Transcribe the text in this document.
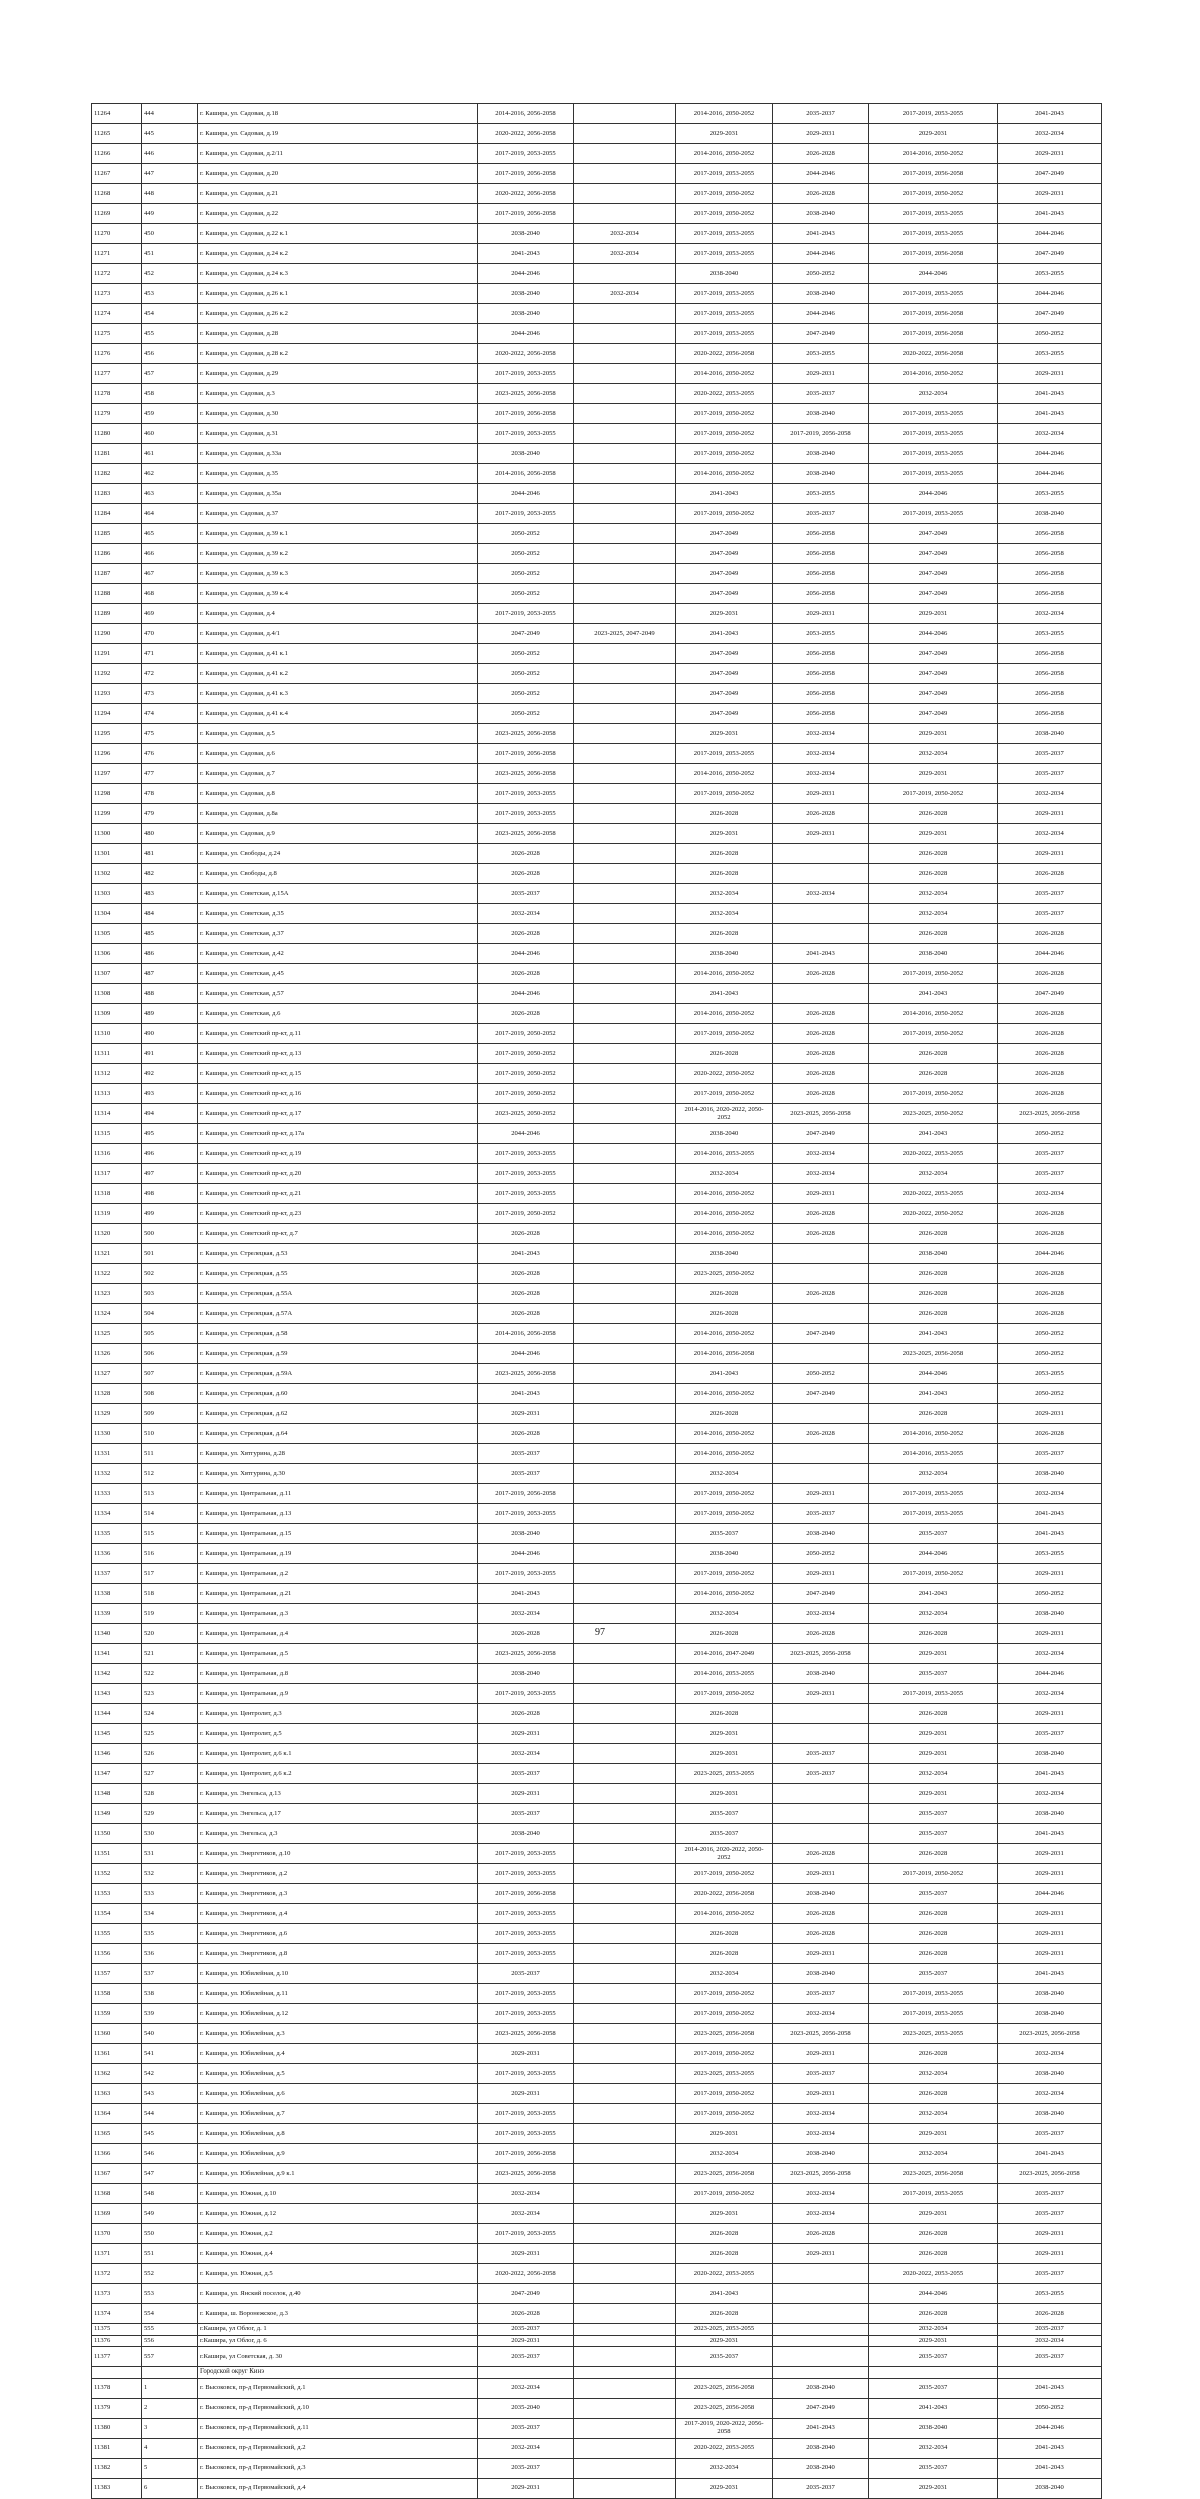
11264	444	г. Кашира, ул. Садовая, д.18	2014-2016, 2056-2058		2014-2016, 2050-2052	2035-2037	2017-2019, 2053-2055	2041-2043
11265	445	г. Кашира, ул. Садовая, д.19	2020-2022, 2056-2058		2029-2031	2029-2031	2029-2031	2032-2034
11266	446	г. Кашира, ул. Садовая, д.2/11	2017-2019, 2053-2055		2014-2016, 2050-2052	2026-2028	2014-2016, 2050-2052	2029-2031
11267	447	г. Кашира, ул. Садовая, д.20	2017-2019, 2056-2058		2017-2019, 2053-2055	2044-2046	2017-2019, 2056-2058	2047-2049
11268	448	г. Кашира, ул. Садовая, д.21	2020-2022, 2056-2058		2017-2019, 2050-2052	2026-2028	2017-2019, 2050-2052	2029-2031
11269	449	г. Кашира, ул. Садовая, д.22	2017-2019, 2056-2058		2017-2019, 2050-2052	2038-2040	2017-2019, 2053-2055	2041-2043
11270	450	г. Кашира, ул. Садовая, д.22 к.1	2038-2040	2032-2034	2017-2019, 2053-2055	2041-2043	2017-2019, 2053-2055	2044-2046
11271	451	г. Кашира, ул. Садовая, д.24 к.2	2041-2043	2032-2034	2017-2019, 2053-2055	2044-2046	2017-2019, 2056-2058	2047-2049
11272	452	г. Кашира, ул. Садовая, д.24 к.3	2044-2046		2038-2040	2050-2052	2044-2046	2053-2055
11273	453	г. Кашира, ул. Садовая, д.26 к.1	2038-2040	2032-2034	2017-2019, 2053-2055	2038-2040	2017-2019, 2053-2055	2044-2046
11274	454	г. Кашира, ул. Садовая, д.26 к.2	2038-2040		2017-2019, 2053-2055	2044-2046	2017-2019, 2056-2058	2047-2049
11275	455	г. Кашира, ул. Садовая, д.28	2044-2046		2017-2019, 2053-2055	2047-2049	2017-2019, 2056-2058	2050-2052
11276	456	г. Кашира, ул. Садовая, д.28 к.2	2020-2022, 2056-2058		2020-2022, 2056-2058	2053-2055	2020-2022, 2056-2058	2053-2055
11277	457	г. Кашира, ул. Садовая, д.29	2017-2019, 2053-2055		2014-2016, 2050-2052	2029-2031	2014-2016, 2050-2052	2029-2031
11278	458	г. Кашира, ул. Садовая, д.3	2023-2025, 2056-2058		2020-2022, 2053-2055	2035-2037	2032-2034	2041-2043
11279	459	г. Кашира, ул. Садовая, д.30	2017-2019, 2056-2058		2017-2019, 2050-2052	2038-2040	2017-2019, 2053-2055	2041-2043
11280	460	г. Кашира, ул. Садовая, д.31	2017-2019, 2053-2055		2017-2019, 2050-2052	2017-2019, 2056-2058	2017-2019, 2053-2055	2032-2034
11281	461	г. Кашира, ул. Садовая, д.33а	2038-2040		2017-2019, 2050-2052	2038-2040	2017-2019, 2053-2055	2044-2046
11282	462	г. Кашира, ул. Садовая, д.35	2014-2016, 2056-2058		2014-2016, 2050-2052	2038-2040	2017-2019, 2053-2055	2044-2046
11283	463	г. Кашира, ул. Садовая, д.35а	2044-2046		2041-2043	2053-2055	2044-2046	2053-2055
11284	464	г. Кашира, ул. Садовая, д.37	2017-2019, 2053-2055		2017-2019, 2050-2052	2035-2037	2017-2019, 2053-2055	2038-2040
11285	465	г. Кашира, ул. Садовая, д.39 к.1	2050-2052		2047-2049	2056-2058	2047-2049	2056-2058
11286	466	г. Кашира, ул. Садовая, д.39 к.2	2050-2052		2047-2049	2056-2058	2047-2049	2056-2058
11287	467	г. Кашира, ул. Садовая, д.39 к.3	2050-2052		2047-2049	2056-2058	2047-2049	2056-2058
11288	468	г. Кашира, ул. Садовая, д.39 к.4	2050-2052		2047-2049	2056-2058	2047-2049	2056-2058
11289	469	г. Кашира, ул. Садовая, д.4	2017-2019, 2053-2055		2029-2031	2029-2031	2029-2031	2032-2034
11290	470	г. Кашира, ул. Садовая, д.4/1	2047-2049	2023-2025, 2047-2049	2041-2043	2053-2055	2044-2046	2053-2055
11291	471	г. Кашира, ул. Садовая, д.41 к.1	2050-2052		2047-2049	2056-2058	2047-2049	2056-2058
11292	472	г. Кашира, ул. Садовая, д.41 к.2	2050-2052		2047-2049	2056-2058	2047-2049	2056-2058
11293	473	г. Кашира, ул. Садовая, д.41 к.3	2050-2052		2047-2049	2056-2058	2047-2049	2056-2058
11294	474	г. Кашира, ул. Садовая, д.41 к.4	2050-2052		2047-2049	2056-2058	2047-2049	2056-2058
11295	475	г. Кашира, ул. Садовая, д.5	2023-2025, 2056-2058		2029-2031	2032-2034	2029-2031	2038-2040
11296	476	г. Кашира, ул. Садовая, д.6	2017-2019, 2056-2058		2017-2019, 2053-2055	2032-2034	2032-2034	2035-2037
11297	477	г. Кашира, ул. Садовая, д.7	2023-2025, 2056-2058		2014-2016, 2050-2052	2032-2034	2029-2031	2035-2037
11298	478	г. Кашира, ул. Садовая, д.8	2017-2019, 2053-2055		2017-2019, 2050-2052	2029-2031	2017-2019, 2050-2052	2032-2034
11299	479	г. Кашира, ул. Садовая, д.8а	2017-2019, 2053-2055		2026-2028	2026-2028	2026-2028	2029-2031
11300	480	г. Кашира, ул. Садовая, д.9	2023-2025, 2056-2058		2029-2031	2029-2031	2029-2031	2032-2034
11301	481	г. Кашира, ул. Свободы, д.24	2026-2028		2026-2028		2026-2028	2029-2031
11302	482	г. Кашира, ул. Свободы, д.8	2026-2028		2026-2028		2026-2028	2026-2028
11303	483	г. Кашира, ул. Советская, д.15А	2035-2037		2032-2034	2032-2034	2032-2034	2035-2037
11304	484	г. Кашира, ул. Советская, д.35	2032-2034		2032-2034		2032-2034	2035-2037
11305	485	г. Кашира, ул. Советская, д.37	2026-2028		2026-2028		2026-2028	2026-2028
11306	486	г. Кашира, ул. Советская, д.42	2044-2046		2038-2040	2041-2043	2038-2040	2044-2046
11307	487	г. Кашира, ул. Советская, д.45	2026-2028		2014-2016, 2050-2052	2026-2028	2017-2019, 2050-2052	2026-2028
11308	488	г. Кашира, ул. Советская, д.57	2044-2046		2041-2043		2041-2043	2047-2049
11309	489	г. Кашира, ул. Советская, д.6	2026-2028		2014-2016, 2050-2052	2026-2028	2014-2016, 2050-2052	2026-2028
11310	490	г. Кашира, ул. Советский пр-кт, д.11	2017-2019, 2050-2052		2017-2019, 2050-2052	2026-2028	2017-2019, 2050-2052	2026-2028
11311	491	г. Кашира, ул. Советский пр-кт, д.13	2017-2019, 2050-2052		2026-2028	2026-2028	2026-2028	2026-2028
11312	492	г. Кашира, ул. Советский пр-кт, д.15	2017-2019, 2050-2052		2020-2022, 2050-2052	2026-2028	2026-2028	2026-2028
11313	493	г. Кашира, ул. Советский пр-кт, д.16	2017-2019, 2050-2052		2017-2019, 2050-2052	2026-2028	2017-2019, 2050-2052	2026-2028
11314	494	г. Кашира, ул. Советский пр-кт, д.17	2023-2025, 2050-2052		2014-2016, 2020-2022, 2050-2052	2023-2025, 2056-2058	2023-2025, 2050-2052	2023-2025, 2056-2058
11315	495	г. Кашира, ул. Советский пр-кт, д.17а	2044-2046		2038-2040	2047-2049	2041-2043	2050-2052
11316	496	г. Кашира, ул. Советский пр-кт, д.19	2017-2019, 2053-2055		2014-2016, 2053-2055	2032-2034	2020-2022, 2053-2055	2035-2037
11317	497	г. Кашира, ул. Советский пр-кт, д.20	2017-2019, 2053-2055		2032-2034	2032-2034	2032-2034	2035-2037
11318	498	г. Кашира, ул. Советский пр-кт, д.21	2017-2019, 2053-2055		2014-2016, 2050-2052	2029-2031	2020-2022, 2053-2055	2032-2034
11319	499	г. Кашира, ул. Советский пр-кт, д.23	2017-2019, 2050-2052		2014-2016, 2050-2052	2026-2028	2020-2022, 2050-2052	2026-2028
11320	500	г. Кашира, ул. Советский пр-кт, д.7	2026-2028		2014-2016, 2050-2052	2026-2028	2026-2028	2026-2028
11321	501	г. Кашира, ул. Стрелецкая, д.53	2041-2043		2038-2040		2038-2040	2044-2046
11322	502	г. Кашира, ул. Стрелецкая, д.55	2026-2028		2023-2025, 2050-2052		2026-2028	2026-2028
11323	503	г. Кашира, ул. Стрелецкая, д.55А	2026-2028		2026-2028	2026-2028	2026-2028	2026-2028
11324	504	г. Кашира, ул. Стрелецкая, д.57А	2026-2028		2026-2028		2026-2028	2026-2028
11325	505	г. Кашира, ул. Стрелецкая, д.58	2014-2016, 2056-2058		2014-2016, 2050-2052	2047-2049	2041-2043	2050-2052
11326	506	г. Кашира, ул. Стрелецкая, д.59	2044-2046		2014-2016, 2056-2058		2023-2025, 2056-2058	2050-2052
11327	507	г. Кашира, ул. Стрелецкая, д.59А	2023-2025, 2056-2058		2041-2043	2050-2052	2044-2046	2053-2055
11328	508	г. Кашира, ул. Стрелецкая, д.60	2041-2043		2014-2016, 2050-2052	2047-2049	2041-2043	2050-2052
11329	509	г. Кашира, ул. Стрелецкая, д.62	2029-2031		2026-2028		2026-2028	2029-2031
11330	510	г. Кашира, ул. Стрелецкая, д.64	2026-2028		2014-2016, 2050-2052	2026-2028	2014-2016, 2050-2052	2026-2028
11331	511	г. Кашира, ул. Хвтгурина, д.28	2035-2037		2014-2016, 2050-2052		2014-2016, 2053-2055	2035-2037
11332	512	г. Кашира, ул. Хвтгурина, д.30	2035-2037		2032-2034		2032-2034	2038-2040
11333	513	г. Кашира, ул. Центральная, д.11	2017-2019, 2056-2058		2017-2019, 2050-2052	2029-2031	2017-2019, 2053-2055	2032-2034
11334	514	г. Кашира, ул. Центральная, д.13	2017-2019, 2053-2055		2017-2019, 2050-2052	2035-2037	2017-2019, 2053-2055	2041-2043
11335	515	г. Кашира, ул. Центральная, д.15	2038-2040		2035-2037	2038-2040	2035-2037	2041-2043
11336	516	г. Кашира, ул. Центральная, д.19	2044-2046		2038-2040	2050-2052	2044-2046	2053-2055
11337	517	г. Кашира, ул. Центральная, д.2	2017-2019, 2053-2055		2017-2019, 2050-2052	2029-2031	2017-2019, 2050-2052	2029-2031
11338	518	г. Кашира, ул. Центральная, д.21	2041-2043		2014-2016, 2050-2052	2047-2049	2041-2043	2050-2052
11339	519	г. Кашира, ул. Центральная, д.3	2032-2034		2032-2034	2032-2034	2032-2034	2038-2040
11340	520	г. Кашира, ул. Центральная, д.4	2026-2028		2026-2028	2026-2028	2026-2028	2029-2031
11341	521	г. Кашира, ул. Центральная, д.5	2023-2025, 2056-2058		2014-2016, 2047-2049	2023-2025, 2056-2058	2029-2031	2032-2034
11342	522	г. Кашира, ул. Центральная, д.8	2038-2040		2014-2016, 2053-2055	2038-2040	2035-2037	2044-2046
11343	523	г. Кашира, ул. Центральная, д.9	2017-2019, 2053-2055		2017-2019, 2050-2052	2029-2031	2017-2019, 2053-2055	2032-2034
11344	524	г. Кашира, ул. Центролит, д.3	2026-2028		2026-2028		2026-2028	2029-2031
11345	525	г. Кашира, ул. Центролит, д.5	2029-2031		2029-2031		2029-2031	2035-2037
11346	526	г. Кашира, ул. Центролит, д.6 к.1	2032-2034		2029-2031	2035-2037	2029-2031	2038-2040
11347	527	г. Кашира, ул. Центролит, д.6 к.2	2035-2037		2023-2025, 2053-2055	2035-2037	2032-2034	2041-2043
11348	528	г. Кашира, ул. Энгельса, д.13	2029-2031		2029-2031		2029-2031	2032-2034
11349	529	г. Кашира, ул. Энгельса, д.17	2035-2037		2035-2037		2035-2037	2038-2040
11350	530	г. Кашира, ул. Энгельса, д.3	2038-2040		2035-2037		2035-2037	2041-2043
11351	531	г. Кашира, ул. Энергетиков, д.10	2017-2019, 2053-2055		2014-2016, 2020-2022, 2050-2052	2026-2028	2026-2028	2029-2031
11352	532	г. Кашира, ул. Энергетиков, д.2	2017-2019, 2053-2055		2017-2019, 2050-2052	2029-2031	2017-2019, 2050-2052	2029-2031
11353	533	г. Кашира, ул. Энергетиков, д.3	2017-2019, 2056-2058		2020-2022, 2056-2058	2038-2040	2035-2037	2044-2046
11354	534	г. Кашира, ул. Энергетиков, д.4	2017-2019, 2053-2055		2014-2016, 2050-2052	2026-2028	2026-2028	2029-2031
11355	535	г. Кашира, ул. Энергетиков, д.6	2017-2019, 2053-2055		2026-2028	2026-2028	2026-2028	2029-2031
11356	536	г. Кашира, ул. Энергетиков, д.8	2017-2019, 2053-2055		2026-2028	2029-2031	2026-2028	2029-2031
11357	537	г. Кашира, ул. Юбилейная, д.10	2035-2037		2032-2034	2038-2040	2035-2037	2041-2043
11358	538	г. Кашира, ул. Юбилейная, д.11	2017-2019, 2053-2055		2017-2019, 2050-2052	2035-2037	2017-2019, 2053-2055	2038-2040
11359	539	г. Кашира, ул. Юбилейная, д.12	2017-2019, 2053-2055		2017-2019, 2050-2052	2032-2034	2017-2019, 2053-2055	2038-2040
11360	540	г. Кашира, ул. Юбилейная, д.3	2023-2025, 2056-2058		2023-2025, 2056-2058	2023-2025, 2056-2058	2023-2025, 2053-2055	2023-2025, 2056-2058
11361	541	г. Кашира, ул. Юбилейная, д.4	2029-2031		2017-2019, 2050-2052	2029-2031	2026-2028	2032-2034
11362	542	г. Кашира, ул. Юбилейная, д.5	2017-2019, 2053-2055		2023-2025, 2053-2055	2035-2037	2032-2034	2038-2040
11363	543	г. Кашира, ул. Юбилейная, д.6	2029-2031		2017-2019, 2050-2052	2029-2031	2026-2028	2032-2034
11364	544	г. Кашира, ул. Юбилейная, д.7	2017-2019, 2053-2055		2017-2019, 2050-2052	2032-2034	2032-2034	2038-2040
11365	545	г. Кашира, ул. Юбилейная, д.8	2017-2019, 2053-2055		2029-2031	2032-2034	2029-2031	2035-2037
11366	546	г. Кашира, ул. Юбилейная, д.9	2017-2019, 2056-2058		2032-2034	2038-2040	2032-2034	2041-2043
11367	547	г. Кашира, ул. Юбилейная, д.9 к.1	2023-2025, 2056-2058		2023-2025, 2056-2058	2023-2025, 2056-2058	2023-2025, 2056-2058	2023-2025, 2056-2058
11368	548	г. Кашира, ул. Южная, д.10	2032-2034		2017-2019, 2050-2052	2032-2034	2017-2019, 2053-2055	2035-2037
11369	549	г. Кашира, ул. Южная, д.12	2032-2034		2029-2031	2032-2034	2029-2031	2035-2037
11370	550	г. Кашира, ул. Южная, д.2	2017-2019, 2053-2055		2026-2028	2026-2028	2026-2028	2029-2031
11371	551	г. Кашира, ул. Южная, д.4	2029-2031		2026-2028	2029-2031	2026-2028	2029-2031
11372	552	г. Кашира, ул. Южная, д.5	2020-2022, 2056-2058		2020-2022, 2053-2055		2020-2022, 2053-2055	2035-2037
11373	553	г. Кашира, ул. Янский поселок, д.40	2047-2049		2041-2043		2044-2046	2053-2055
11374	554	г. Кашира, ш. Воронежское, д.3	2026-2028		2026-2028		2026-2028	2026-2028
11375	555	г.Кашира, ул Облог, д. 1	2035-2037		2023-2025, 2053-2055		2032-2034	2035-2037
11376	556	г.Кашира, ул Облог, д. 6	2029-2031		2029-2031		2029-2031	2032-2034
11377	557	г.Кашира, ул Советская, д. 30	2035-2037		2035-2037		2035-2037	2035-2037
		Городской округ Кинэ						
11378	1	г. Высоковск, пр-д Первомайский, д.1	2032-2034		2023-2025, 2056-2058	2038-2040	2035-2037	2041-2043
11379	2	г. Высоковск, пр-д Первомайский, д.10	2035-2040		2023-2025, 2056-2058	2047-2049	2041-2043	2050-2052
11380	3	г. Высоковск, пр-д Первомайский, д.11	2035-2037		2017-2019, 2020-2022, 2056-2058	2041-2043	2038-2040	2044-2046
11381	4	г. Высоковск, пр-д Первомайский, д.2	2032-2034		2020-2022, 2053-2055	2038-2040	2032-2034	2041-2043
11382	5	г. Высоковск, пр-д Первомайский, д.3	2035-2037		2032-2034	2038-2040	2035-2037	2041-2043
11383	6	г. Высоковск, пр-д Первомайский, д.4	2029-2031		2029-2031	2035-2037	2029-2031	2038-2040
97
